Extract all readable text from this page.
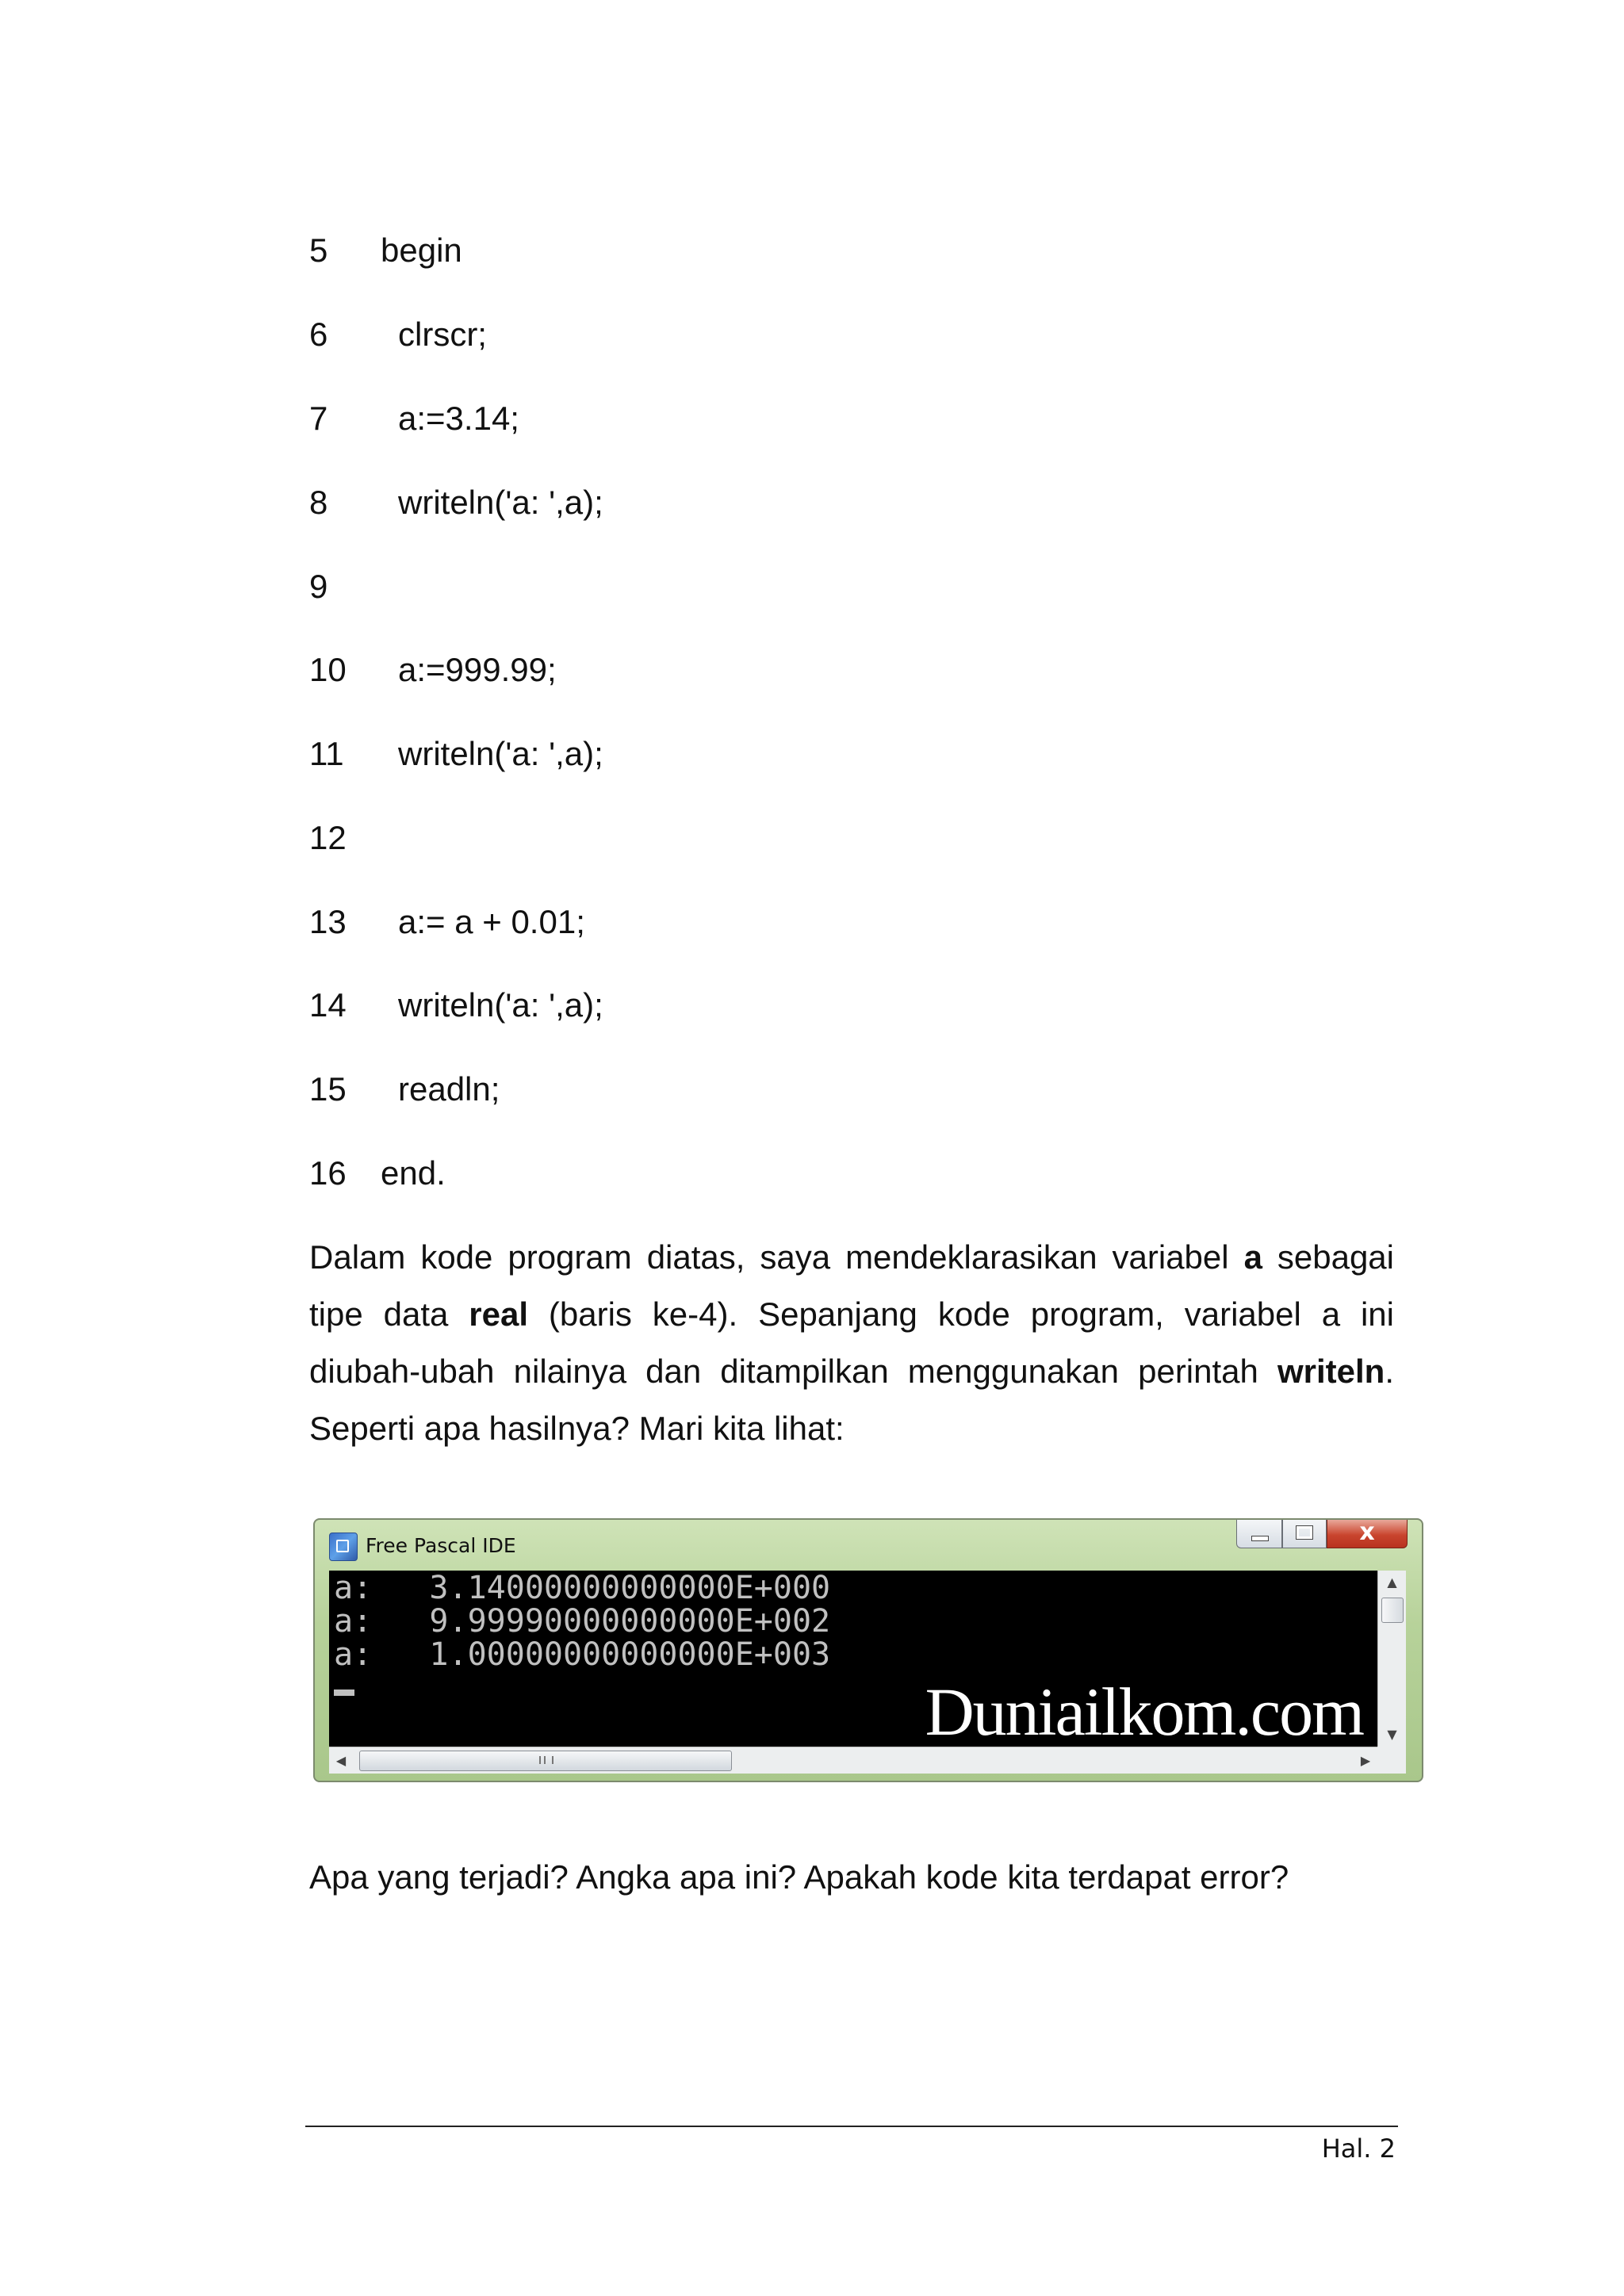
5	begin
6	clrscr;
7	a:=3.14;
8	writeln('a: ',a);
9
10	a:=999.99;
11	writeln('a: ',a);
12
13	a:= a + 0.01;
14	writeln('a: ',a);
15	readln;
16	end.
Dalam kode program diatas, saya mendeklarasikan variabel a sebagai tipe data real (baris ke-4). Sepanjang kode program, variabel a ini diubah-ubah nilainya dan ditampilkan menggunakan perintah writeln. Seperti apa hasilnya? Mari kita lihat:
Free Pascal IDE
x
a:   3.14000000000000E+000
a:   9.99990000000000E+002
a:   1.00000000000000E+003
Duniailkom.com
▲
▼
◀	▶
Apa yang terjadi? Angka apa ini? Apakah kode kita terdapat error?
Hal. 2
